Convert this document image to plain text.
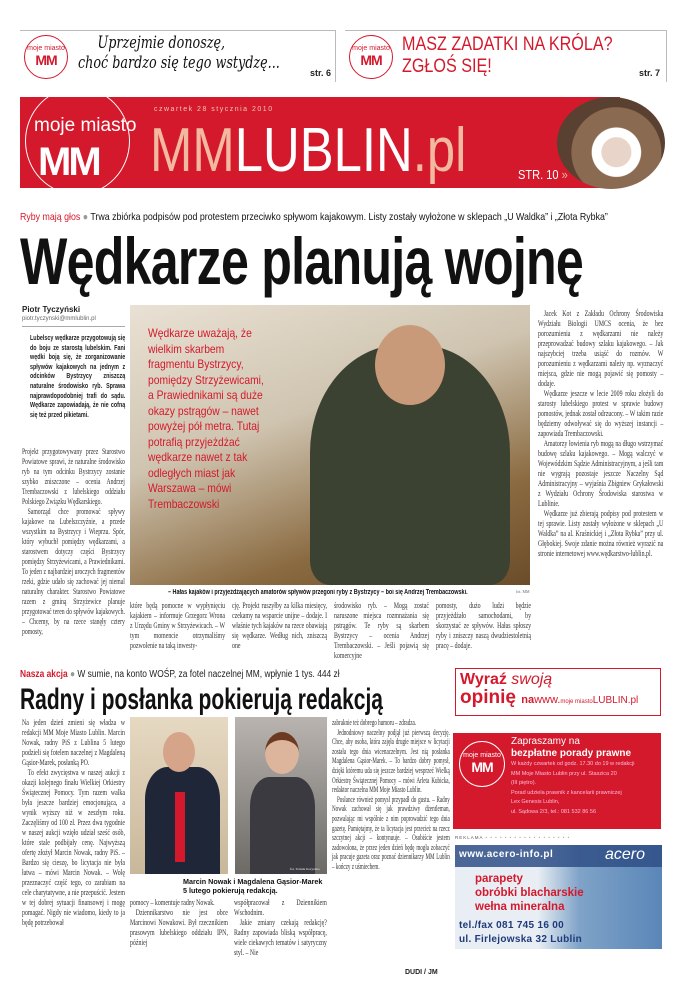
moje miasto
MM
Uprzejmie donoszę,
choć bardzo się tego wstydzę...	str. 6
moje miasto
MM
MASZ ZADATKI NA KRÓLA?
ZGŁOŚ SIĘ!	str. 7
moje miasto
MM
czwartek 28 stycznia 2010
MMLUBLIN.pl	STR. 10 »
Ryby mają głos ● Trwa zbiórka podpisów pod protestem przeciwko spływom kajakowym. Listy zostały wyłożone w sklepach „U Waldka” i „Złota Rybka”
Wędkarze planują wojnę
Piotr Tyczyński
piotr.tyczynski@mmlublin.pl
Lubelscy wędkarze przygotowują się do boju ze starostą lubelskim. Fani wędki boją się, że zorganizowanie spływów kajakowych na jednym z odcinków Bystrzycy zniszczą naturalne środowisko ryb. Sprawa najprawdopodobniej trafi do sądu. Wędkarze zapowiadają, że nie cofną się też przed pikietami.

Projekt przygotowywany przez Starostwo Powiatowe sprawi, że naturalne środowisko ryb na tym odcinku Bystrzycy zostanie szybko zniszczone – ocenia Andrzej Trembaczowski z lubelskiego oddziału Polskiego Związku Wędkarskiego.

Samorząd chce promować spływy kajakowe na Lubelszczyźnie, a przede wszystkim na Bystrzycy i Wieprzu. Spór, który wybuchł pomiędzy wędkarzami, a starostwem dotyczy części Bystrzycy pomiędzy Strzyżewicami, a Prawiednikami. To jeden z najbardziej uroczych fragmentów rzeki, gdzie udało się zachować jej niemal naturalny charakter. Starostwo Powiatowe razem z gminą Strzyżewice planuje przygotować teren do spływów kajakowych. – Chcemy, by na rzece stanęły cztery pomosty,

Wędkarze uważają, że wielkim skarbem fragmentu Bystrzycy, pomiędzy Strzyżewicami, a Prawiednikami są duże okazy pstrągów – nawet powyżej pół metra. Tutaj potrafią przyjeżdżać wędkarze nawet z tak odległych miast jak Warszawa – mówi Trembaczowski
– Hałas kajaków i przyjeżdżających amatorów spływów przegoni ryby z Bystrzycy – boi się Andrzej Trembaczowski.	fot. MM
które będą pomocne w wypłynięciu kajakiem – informuje Grzegorz Wrona z Urzędu Gminy w Strzyżewicach. – W tym momencie otrzymaliśmy pozwolenie na taką inwesty-
cję. Projekt ruszyłby za kilka miesięcy, czekamy na wsparcie unijne – dodaje. I właśnie tych kajaków na rzece obawiają się wędkarze. Według nich, zniszczą one
środowisko ryb. – Mogą zostać naruszone miejsca rozmnażania się pstrągów. Te ryby są skarbem Bystrzycy – ocenia Andrzej Trembaczowski. – Jeśli pojawią się komercyjne
pomosty, dużo ludzi będzie przyjeżdżało samochodami, by skorzystać ze spływów. Hałas spłoszy ryby i zniszczy naszą dwudziestoletnią pracę – dodaje.

Jacek Kot z Zakładu Ochrony Środowiska Wydziału Biologii UMCS ocenia, że bez porozumienia z wędkarzami nie należy przeprowadzać budowy szlaku kajakowego. – Jak najszybciej trzeba usiąść do rozmów. W porozumieniu z wędkarzami należy np. wyznaczyć miejsca, gdzie nie mogą pojawić się pomosty – dodaje.

Wędkarze jeszcze w lecie 2009 roku złożyli do starosty lubelskiego protest w sprawie budowy pomostów, jednak został odrzucony. – W takim razie będziemy odwoływać się do wyższej instancji – zapowiada Trembaczowski.

Amatorzy łowienia ryb mogą na długo wstrzymać budowę szlaku kajakowego. – Mogą walczyć w Wojewódzkim Sądzie Administracyjnym, a jeśli tam nie wygrają pozostaje jeszcze Naczelny Sąd Administracyjny – wyjaśnia Zbigniew Grykałowski z Wydziału Ochrony Środowiska starostwa w Lublinie.

Wędkarze już zbierają podpisy pod protestem w tej sprawie. Listy zostały wyłożone w sklepach „U Waldka” na al. Kraśnickiej i „Złota Rybka” przy ul. Głębokiej. Swoje zdanie można również wyrazić na stronie internetowej www.wędkarstwo-lublin.pl.

Nasza akcja ● W sumie, na konto WOŚP, za fotel naczelnej MM, wpłynie 1 tys. 444 zł
Radny i posłanka pokierują redakcją

Na jeden dzień zmieni się władza w redakcji MM Moje Miasto Lublin. Marcin Nowak, radny PiS z Lublina 5 lutego podzieli się fotelem naczelnej z Magdaleną Gąsior-Marek, posłanką PO.

To efekt zwycięstwa w naszej aukcji z okazji kolejnego finału Wielkiej Orkiestry Świątecznej Pomocy. Tym razem walka była jeszcze bardziej emocjonująca, a wynik wyższy niż w zeszłym roku. Zaczęliśmy od 100 zł. Przez dwa tygodnie w naszej aukcji wzięło udział sześć osób, które stale podbijały cenę. Najwyższą ofertę złożył Marcin Nowak, radny PiS. – Bardzo się cieszę, bo licytacja nie była łatwa – mówi Marcin Nowak. – Wolę przeznaczyć część tego, co zarabiam na cele charytatywne, a nie przepuścić. Jestem w tej dobrej sytuacji finansowej i mogę pomagać. Nigdy nie wiadomo, kiedy to ja będę potrzebował

fot. Tomek Koryszko
Marcin Nowak i Magdalena Gąsior-Marek 5 lutego pokierują redakcją.

pomocy – komentuje radny Nowak.

Dziennikarstwo nie jest obce Marcinowi Nowakowi. Był rzecznikiem prasowym lubelskiego oddziału IPN, później

współpracował z Dziennikiem Wschodnim.

Jakie zmiany czekają redakcję? Radny zapowiada bliską współpracę, wiele ciekawych tematów i satyryczny styl. – Nie

zabraknie też dobrego humoru – zdradza.

Jednodniowy naczelny podjął już pierwszą decyzję. Chce, aby osoba, która zajęła drugie miejsce w licytacji została tego dnia wicenaczelnym. Jest nią posłanka Magdalena Gąsior-Marek. – To bardzo dobry pomysł, dzięki któremu uda się jeszcze bardziej wesprzeć Wielką Orkiestrę Świątecznej Pomocy – mówi Arleta Kubicka, redaktor naczelna MM Moje Miasto Lublin.

Posłance również pomysł przypadł do gustu. – Radny Nowak zachował się jak prawdziwy dżentleman, pozwalając mi wspólnie z nim poprowadzić tego dnia gazetę. Pamiętajmy, że ta licytacja jest przecież na rzecz szczytnej akcji – kontynuuje. – Osobiście jestem zadowolona, że przez jeden dzień będę mogła zobaczyć jak pracuje gazeta oraz poznać dziennikarzy MM Lublin – kończy z uśmiechem.

DUDI / JM
Wyraź swoją
opinię nawww.moje miastoLUBLIN.pl
moje miasto
MM
Zapraszamy na
bezpłatne porady prawne
W każdy czwartek od godz. 17.30 do 19 w redakcji
MM Moje Miasto Lublin przy ul. Staszica 20
(III piętro).
Porad udziela prawnik z kancelarii prawniczej
Lex Genesis Lublin,
ul. Sądowa 2/3, tel.: 081 532 86 56
REKLAMA • • • • • • • • • • • • • • • • • •
www.acero-info.pl	acero
parapety
obróbki blacharskie
wełna mineralna
tel./fax 081 745 16 00
ul. Firlejowska 32 Lublin
